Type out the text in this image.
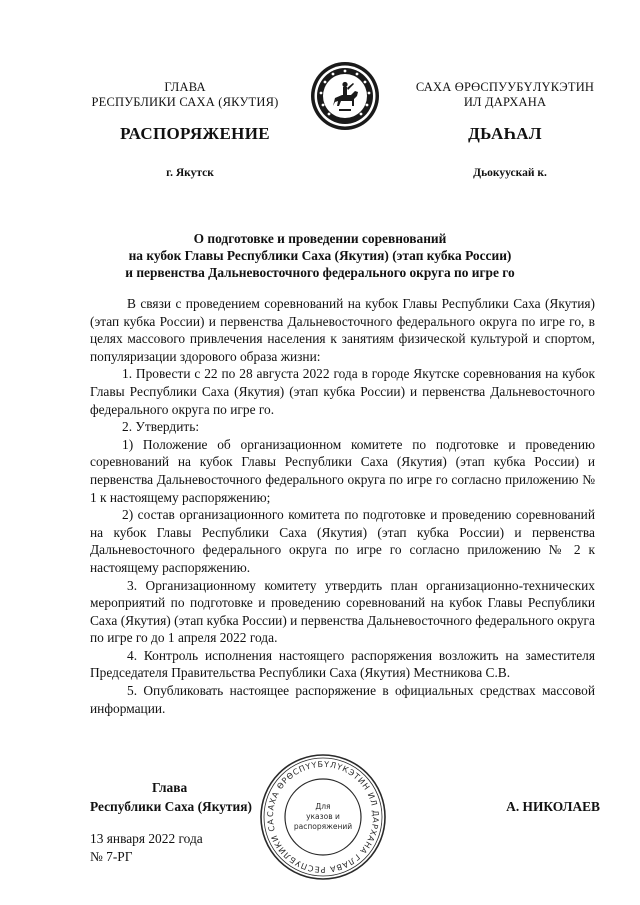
ГЛАВА
РЕСПУБЛИКИ САХА (ЯКУТИЯ)
САХА ӨРӨСПУУБҮЛҮКЭТИН
ИЛ ДАРХАНА
РАСПОРЯЖЕНИЕ	ДЬАҺАЛ
г. Якутск	Дьокуускай к.
О подготовке и проведении соревнований
на кубок Главы Республики Саха (Якутия) (этап кубка России)
и первенства Дальневосточного федерального округа по игре го

В связи с проведением соревнований на кубок Главы Республики Саха (Якутия) (этап кубка России) и первенства Дальневосточного федерального округа по игре го, в целях массового привлечения населения к занятиям физической культурой и спортом, популяризации здорового образа жизни:

1. Провести с 22 по 28 августа 2022 года в городе Якутске соревнования на кубок Главы Республики Саха (Якутия) (этап кубка России) и первенства Дальневосточного федерального округа по игре го.

2. Утвердить:

1) Положение об организационном комитете по подготовке и проведению соревнований на кубок Главы Республики Саха (Якутия) (этап кубка России) и первенства Дальневосточного федерального округа по игре го согласно приложению № 1 к настоящему распоряжению;

2) состав организационного комитета по подготовке и проведению соревнований на кубок Главы Республики Саха (Якутия) (этап кубка России) и первенства Дальневосточного федерального округа по игре го согласно приложению № 2 к настоящему распоряжению.

3. Организационному комитету утвердить план организационно-технических мероприятий по подготовке и проведению соревнований на кубок Главы Республики Саха (Якутия) (этап кубка России) и первенства Дальневосточного федерального округа по игре го до 1 апреля 2022 года.

4. Контроль исполнения настоящего распоряжения возложить на заместителя Председателя Правительства Республики Саха (Якутия) Местникова С.В.

5. Опубликовать настоящее распоряжение в официальных средствах массовой информации.

Глава
Республики Саха (Якутия)	САХА ӨРӨСПҮҮБҮЛҮКЭТИН ИЛ ДАРХАНА ГЛАВА РЕСПУБЛИКИ СА
Для
указов и
распоряжений
А. НИКОЛАЕВ
13 января 2022 года
№ 7-РГ
